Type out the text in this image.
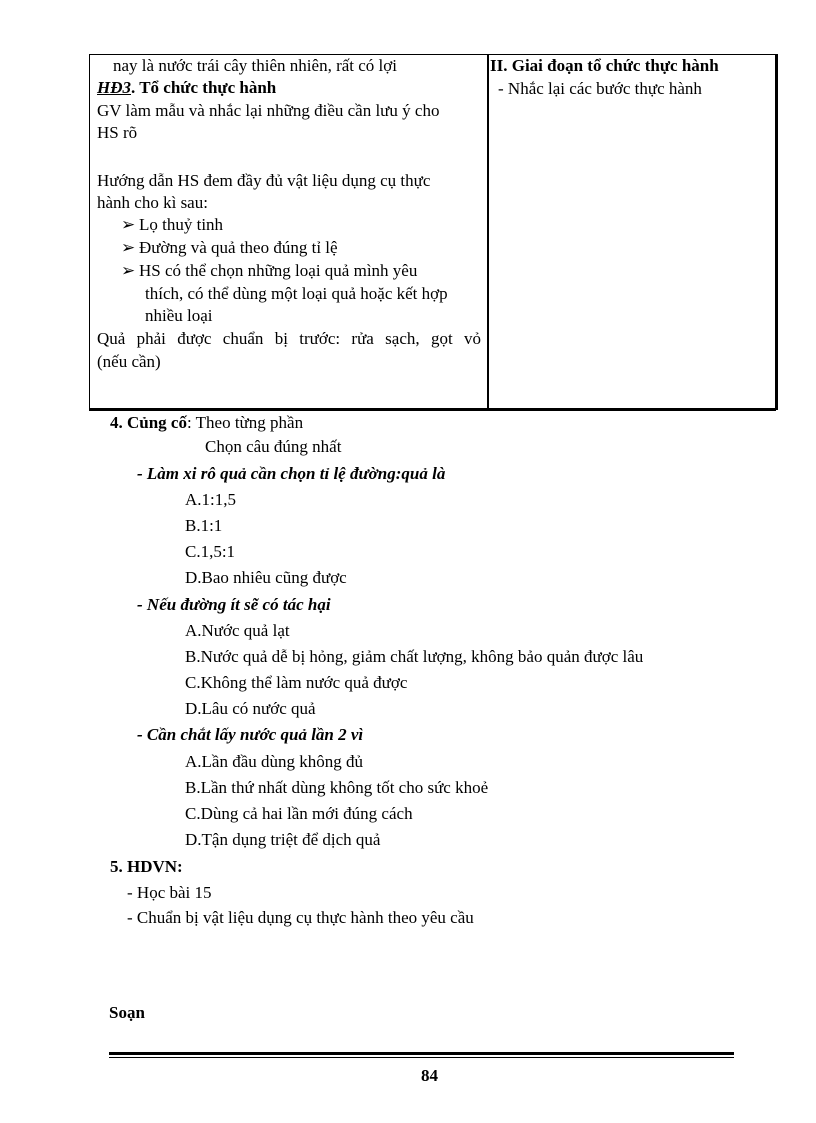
nay là nước trái cây thiên nhiên, rất có lợi
HĐ3. Tổ chức thực hành
GV làm mẫu và nhắc lại những điều cần lưu ý cho
HS rõ
Hướng dẫn HS đem đầy đủ vật liệu dụng cụ thực
hành cho kì sau:
➢ Lọ thuỷ tinh
➢ Đường và quả theo đúng tỉ lệ
➢ HS có thể chọn những loại quả mình yêu
thích, có thể dùng một loại quả hoặc kết hợp
nhiều loại
Quả phải được chuẩn bị trước: rửa sạch, gọt vỏ
(nếu cần)
II. Giai đoạn tổ chức thực hành
- Nhắc lại các bước thực hành
4. Củng cố: Theo từng phần
Chọn câu đúng nhất
- Làm xi rô quả cần chọn tỉ lệ đường:quả là
A.1:1,5
B.1:1
C.1,5:1
D.Bao nhiêu cũng được
- Nếu đường ít sẽ có tác hại
A.Nước quả lạt
B.Nước quả dễ bị hỏng, giảm chất lượng, không bảo quản được lâu
C.Không thể làm nước quả được
D.Lâu có nước quả
- Cần chắt lấy nước quả lần 2 vì
A.Lần đầu dùng không đủ
B.Lần thứ nhất dùng không tốt cho sức khoẻ
C.Dùng cả hai lần mới đúng cách
D.Tận dụng triệt để dịch quả
5. HDVN:
- Học bài 15
- Chuẩn bị vật liệu dụng cụ thực hành theo yêu cầu
Soạn
84
